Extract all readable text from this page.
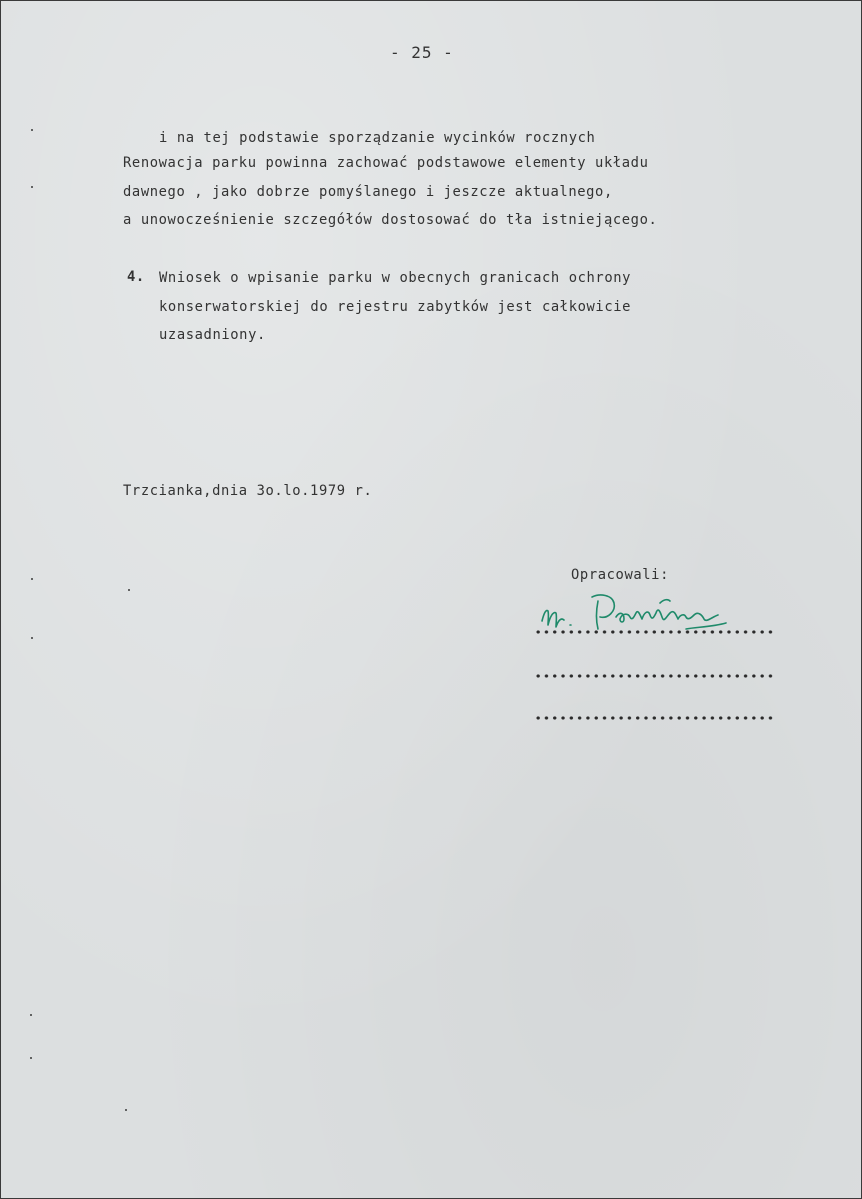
- 25 -
i na tej podstawie sporządzanie wycinków rocznych
Renowacja parku powinna zachować podstawowe elementy układu
dawnego , jako dobrze pomyślanego i jeszcze aktualnego,
a unowocześnienie szczegółów dostosować do tła istniejącego.
4. Wniosek o wpisanie parku w obecnych granicach ochrony
konserwatorskiej do rejestru zabytków jest całkowicie
uzasadniony.
Trzcianka,dnia 3o.lo.1979 r.
Opracowali:
